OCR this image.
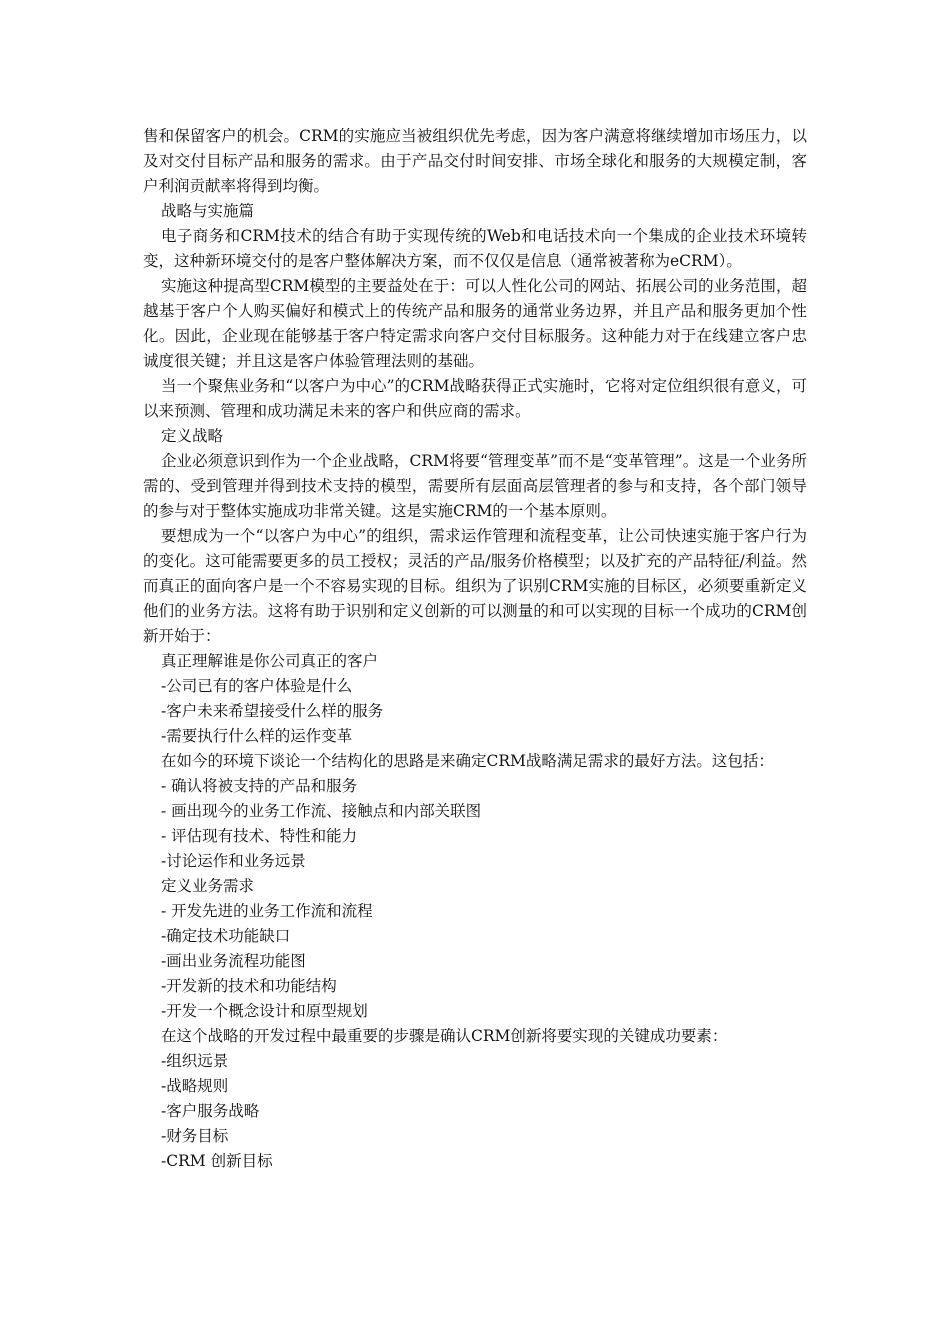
售和保留客户的机会。CRM的实施应当被组织优先考虑，因为客户满意将继续增加市场压力，以及对交付目标产品和服务的需求。由于产品交付时间安排、市场全球化和服务的大规模定制，客户利润贡献率将得到均衡。

战略与实施篇

电子商务和CRM技术的结合有助于实现传统的Web和电话技术向一个集成的企业技术环境转变，这种新环境交付的是客户整体解决方案，而不仅仅是信息（通常被著称为eCRM）。

实施这种提高型CRM模型的主要益处在于：可以人性化公司的网站、拓展公司的业务范围，超越基于客户个人购买偏好和模式上的传统产品和服务的通常业务边界，并且产品和服务更加个性化。因此，企业现在能够基于客户特定需求向客户交付目标服务。这种能力对于在线建立客户忠诚度很关键；并且这是客户体验管理法则的基础。

当一个聚焦业务和“以客户为中心”的CRM战略获得正式实施时，它将对定位组织很有意义，可以来预测、管理和成功满足未来的客户和供应商的需求。

定义战略

企业必须意识到作为一个企业战略，CRM将要“管理变革”而不是“变革管理”。这是一个业务所需的、受到管理并得到技术支持的模型，需要所有层面高层管理者的参与和支持，各个部门领导的参与对于整体实施成功非常关键。这是实施CRM的一个基本原则。

要想成为一个“以客户为中心”的组织，需求运作管理和流程变革，让公司快速实施于客户行为的变化。这可能需要更多的员工授权；灵活的产品/服务价格模型；以及扩充的产品特征/利益。然而真正的面向客户是一个不容易实现的目标。组织为了识别CRM实施的目标区，必须要重新定义他们的业务方法。这将有助于识别和定义创新的可以测量的和可以实现的目标一个成功的CRM创新开始于：

真正理解谁是你公司真正的客户

-公司已有的客户体验是什么

-客户未来希望接受什么样的服务

-需要执行什么样的运作变革

在如今的环境下谈论一个结构化的思路是来确定CRM战略满足需求的最好方法。这包括：

- 确认将被支持的产品和服务

- 画出现今的业务工作流、接触点和内部关联图

- 评估现有技术、特性和能力

-讨论运作和业务远景

定义业务需求

- 开发先进的业务工作流和流程

-确定技术功能缺口

-画出业务流程功能图

-开发新的技术和功能结构

-开发一个概念设计和原型规划

在这个战略的开发过程中最重要的步骤是确认CRM创新将要实现的关键成功要素：

-组织远景

-战略规则

-客户服务战略

-财务目标

-CRM 创新目标
